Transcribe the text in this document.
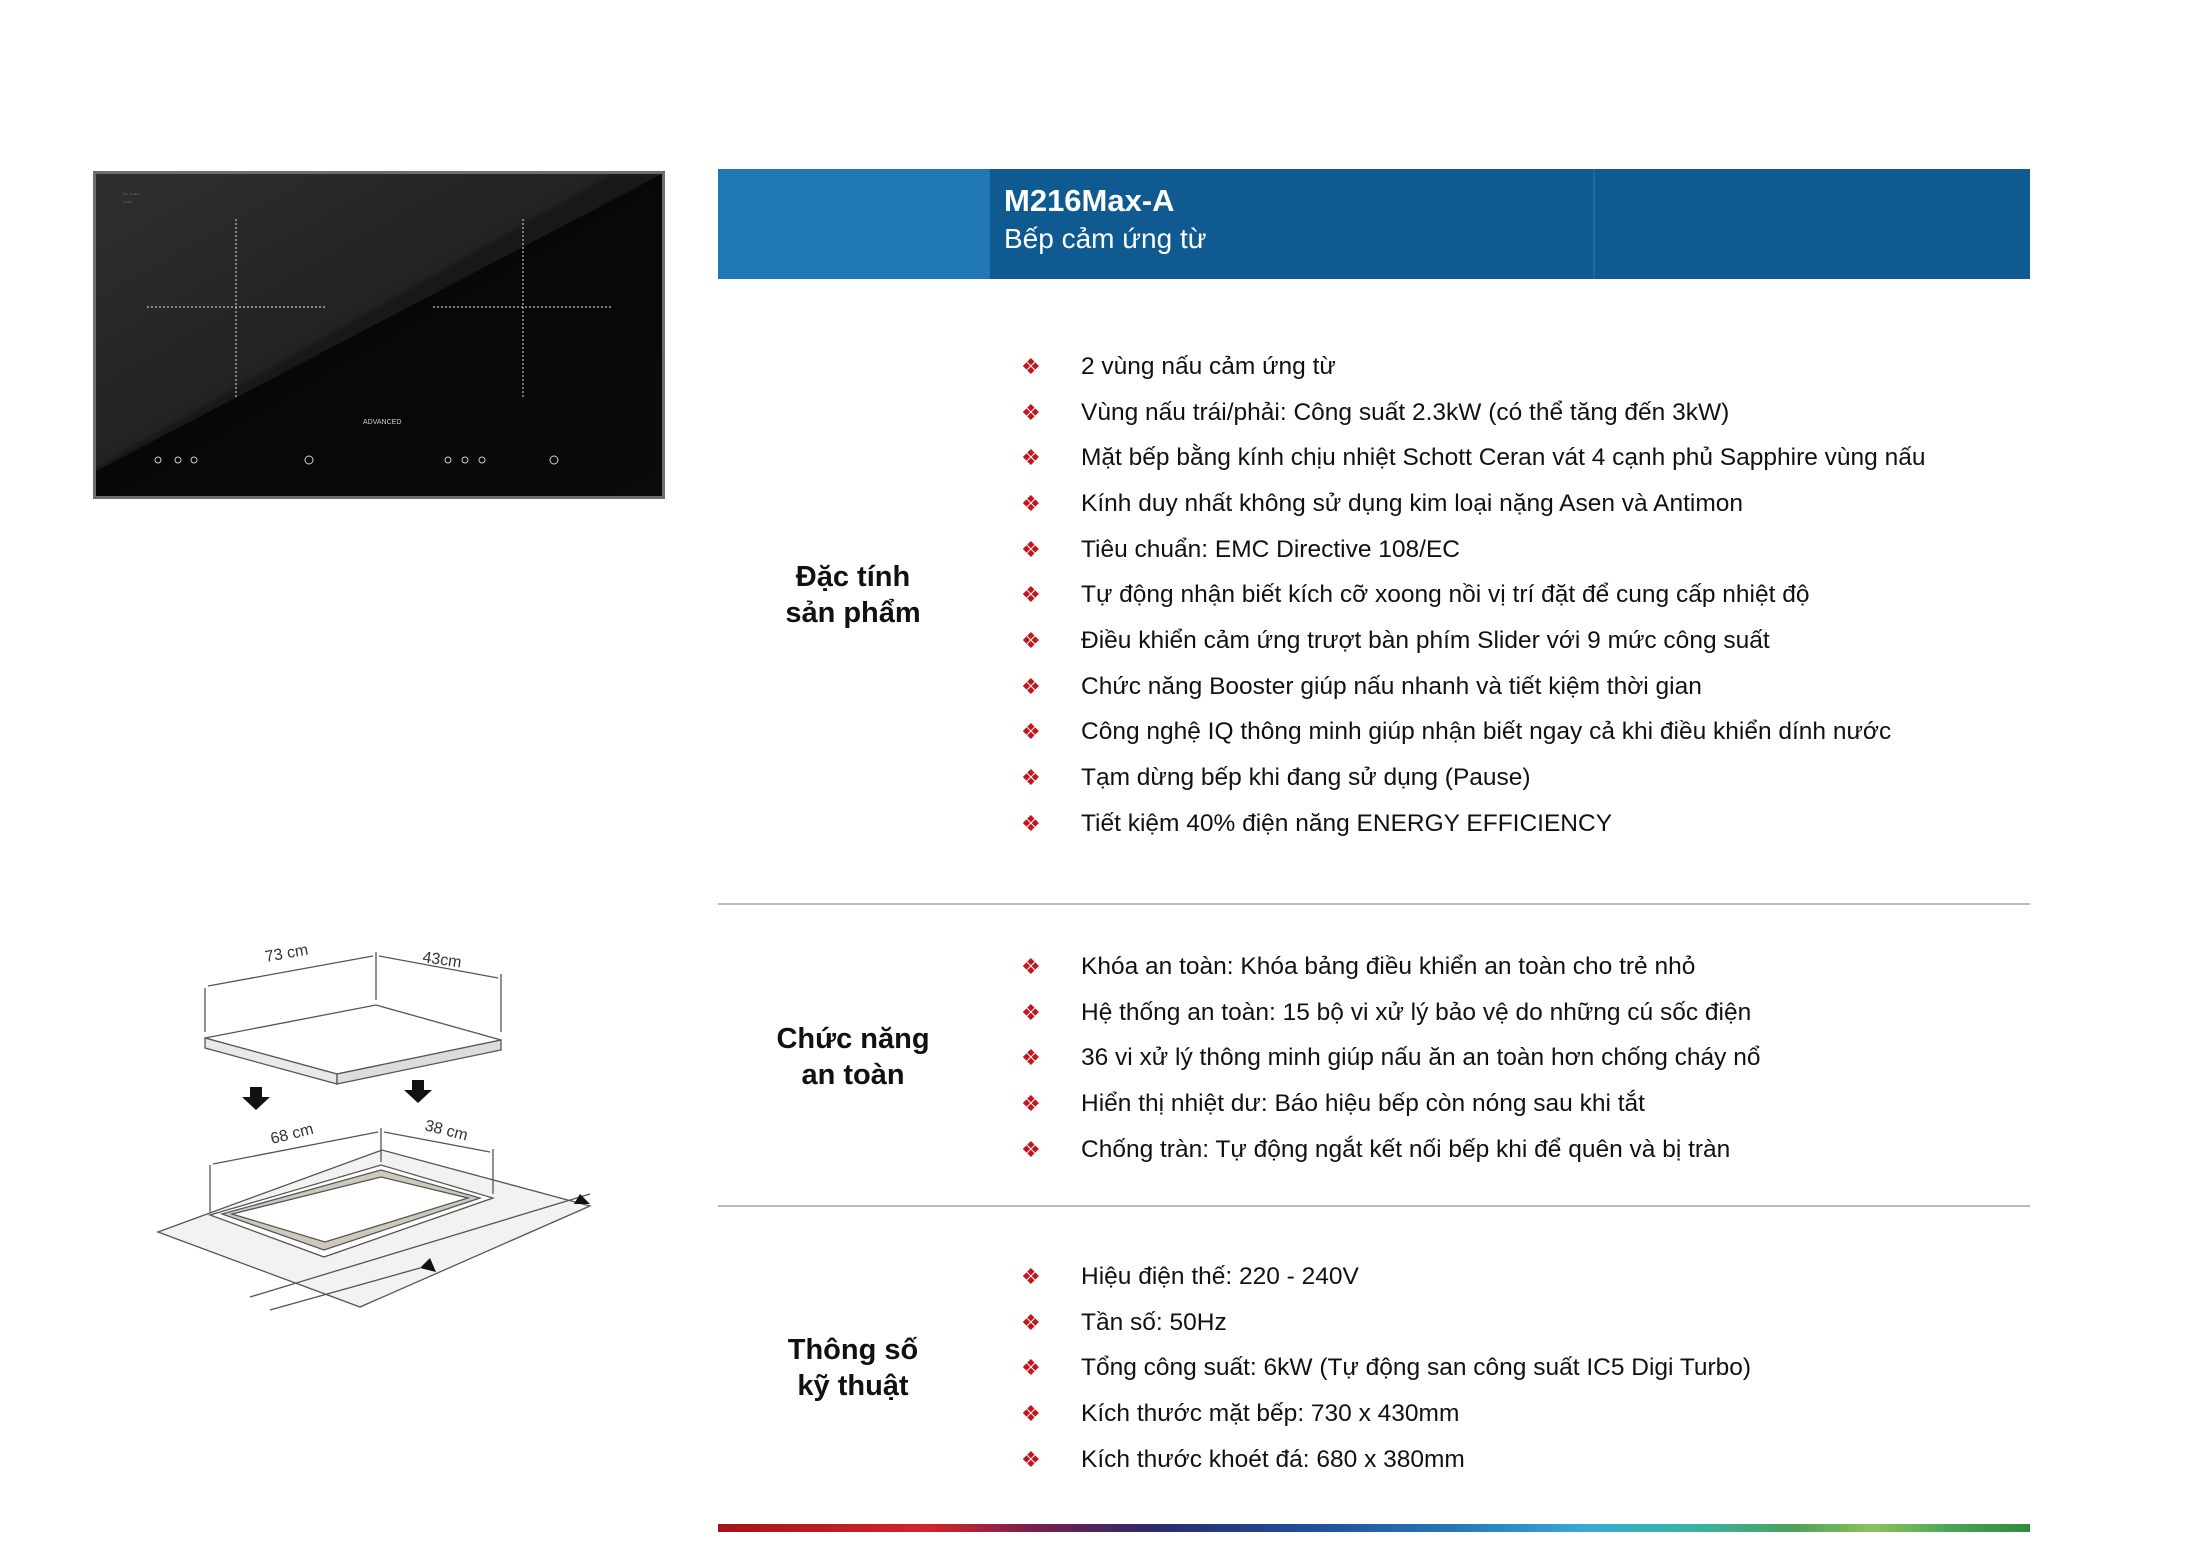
·· ····
····
ADVANCED
73 cm	43cm
68 cm	38 cm
M216Max-A
Bếp cảm ứng từ
Đặc tính
sản phẩm
❖	2 vùng nấu cảm ứng từ
❖	Vùng nấu trái/phải: Công suất 2.3kW (có thể tăng đến 3kW)
❖	Mặt bếp bằng kính chịu nhiệt Schott Ceran vát 4 cạnh phủ Sapphire vùng nấu
❖	Kính duy nhất không sử dụng kim loại nặng Asen và Antimon
❖	Tiêu chuẩn: EMC Directive 108/EC
❖	Tự động nhận biết kích cỡ xoong nồi vị trí đặt để cung cấp nhiệt độ
❖	Điều khiển cảm ứng trượt bàn phím Slider với 9 mức công suất
❖	Chức năng Booster giúp nấu nhanh và tiết kiệm thời gian
❖	Công nghệ IQ thông minh giúp nhận biết ngay cả khi điều khiển dính nước
❖	Tạm dừng bếp khi đang sử dụng (Pause)
❖	Tiết kiệm 40% điện năng ENERGY EFFICIENCY
Chức năng
an toàn
❖	Khóa an toàn: Khóa bảng điều khiển an toàn cho trẻ nhỏ
❖	Hệ thống an toàn: 15 bộ vi xử lý bảo vệ do những cú sốc điện
❖	36 vi xử lý thông minh giúp nấu ăn an toàn hơn chống cháy nổ
❖	Hiển thị nhiệt dư: Báo hiệu bếp còn nóng sau khi tắt
❖	Chống tràn: Tự động ngắt kết nối bếp khi để quên và bị tràn
Thông số
kỹ thuật
❖	Hiệu điện thế: 220 - 240V
❖	Tần số: 50Hz
❖	Tổng công suất: 6kW (Tự động san công suất IC5 Digi Turbo)
❖	Kích thước mặt bếp: 730 x 430mm
❖	Kích thước khoét đá: 680 x 380mm
